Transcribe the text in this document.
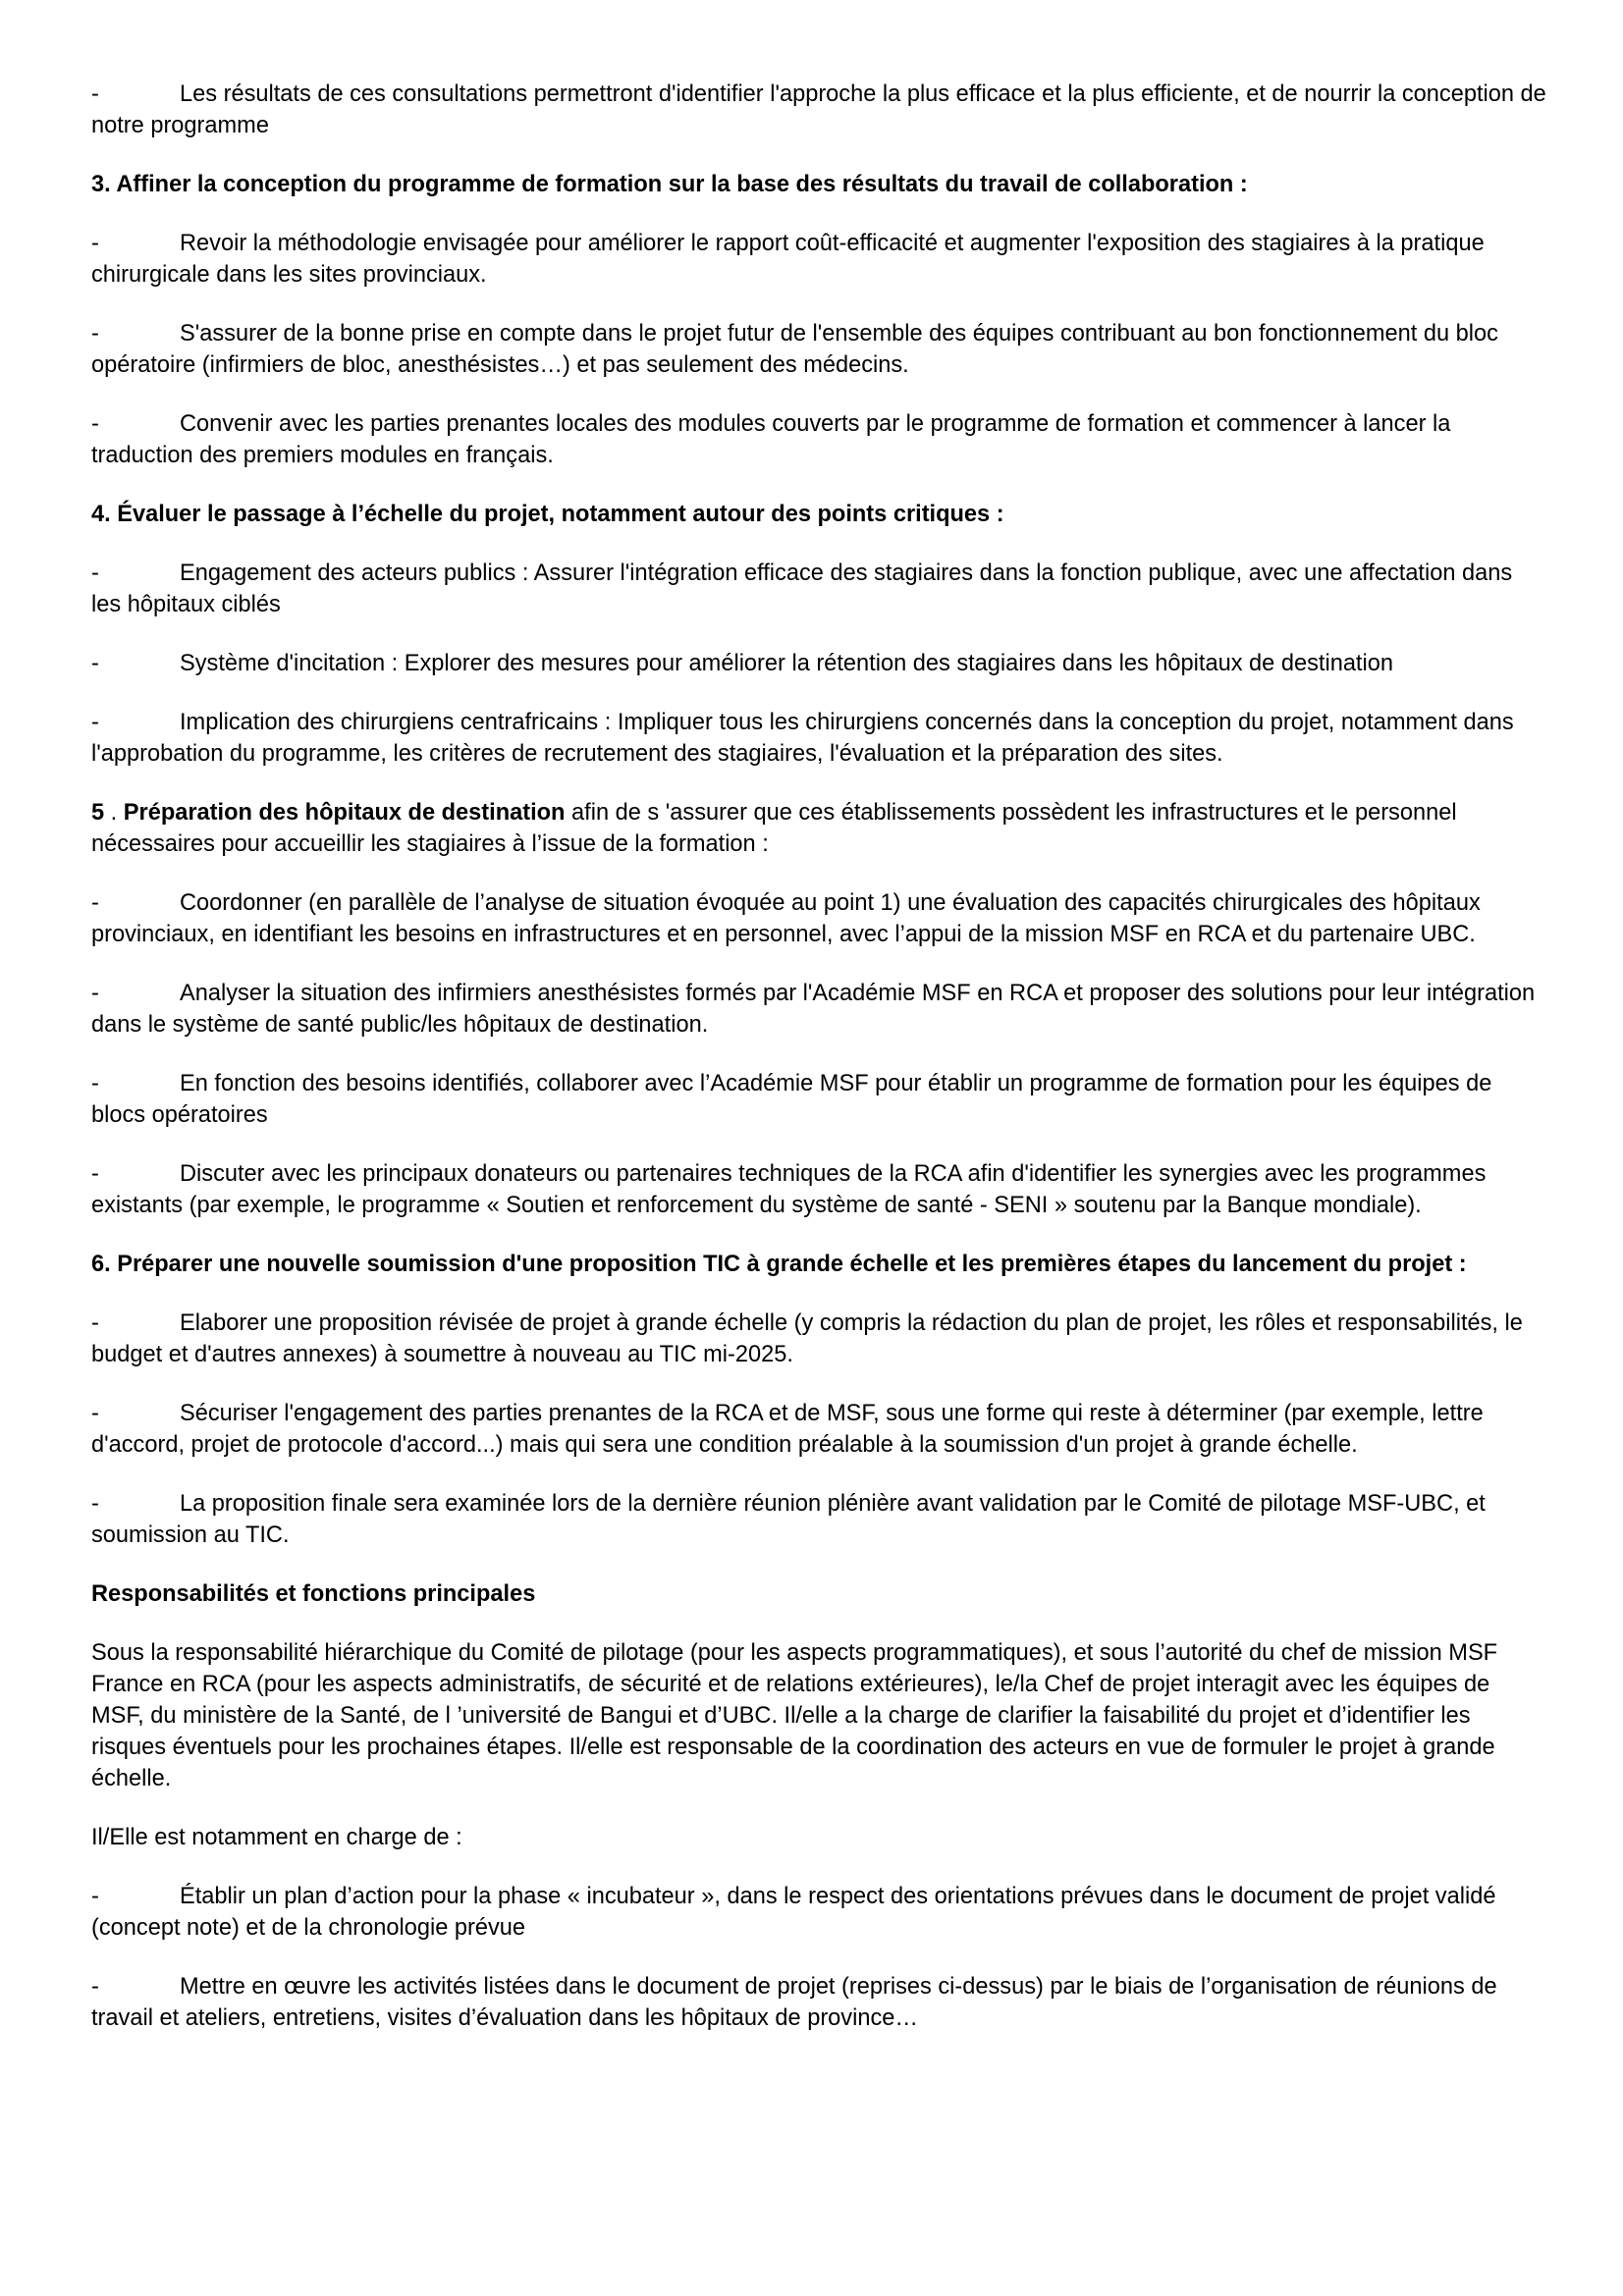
-	Les résultats de ces consultations permettront d'identifier l'approche la plus efficace et la plus efficiente, et de nourrir la conception de notre programme

3. Affiner la conception du programme de formation sur la base des résultats du travail de collaboration :

-	Revoir la méthodologie envisagée pour améliorer le rapport coût-efficacité et augmenter l'exposition des stagiaires à la pratique chirurgicale dans les sites provinciaux.

-	S'assurer de la bonne prise en compte dans le projet futur de l'ensemble des équipes contribuant au bon fonctionnement du bloc opératoire (infirmiers de bloc, anesthésistes…) et pas seulement des médecins.

-	Convenir avec les parties prenantes locales des modules couverts par le programme de formation et commencer à lancer la traduction des premiers modules en français.

4. Évaluer le passage à l’échelle du projet, notamment autour des points critiques :

-	Engagement des acteurs publics : Assurer l'intégration efficace des stagiaires dans la fonction publique, avec une affectation dans les hôpitaux ciblés

-	Système d'incitation : Explorer des mesures pour améliorer la rétention des stagiaires dans les hôpitaux de destination

-	Implication des chirurgiens centrafricains : Impliquer tous les chirurgiens concernés dans la conception du projet, notamment dans l'approbation du programme, les critères de recrutement des stagiaires, l'évaluation et la préparation des sites.

5 . Préparation des hôpitaux de destination afin de s 'assurer que ces établissements possèdent les infrastructures et le personnel nécessaires pour accueillir les stagiaires à l’issue de la formation :

-	Coordonner (en parallèle de l’analyse de situation évoquée au point 1) une évaluation des capacités chirurgicales des hôpitaux provinciaux, en identifiant les besoins en infrastructures et en personnel, avec l’appui de la mission MSF en RCA et du partenaire UBC.

-	Analyser la situation des infirmiers anesthésistes formés par l'Académie MSF en RCA et proposer des solutions pour leur intégration dans le système de santé public/les hôpitaux de destination.

-	En fonction des besoins identifiés, collaborer avec l’Académie MSF pour établir un programme de formation pour les équipes de blocs opératoires

-	Discuter avec les principaux donateurs ou partenaires techniques de la RCA afin d'identifier les synergies avec les programmes existants (par exemple, le programme « Soutien et renforcement du système de santé - SENI » soutenu par la Banque mondiale).

6. Préparer une nouvelle soumission d'une proposition TIC à grande échelle et les premières étapes du lancement du projet :

-	Elaborer une proposition révisée de projet à grande échelle (y compris la rédaction du plan de projet, les rôles et responsabilités, le budget et d'autres annexes) à soumettre à nouveau au TIC mi-2025.

-	Sécuriser l'engagement des parties prenantes de la RCA et de MSF, sous une forme qui reste à déterminer (par exemple, lettre d'accord, projet de protocole d'accord...) mais qui sera une condition préalable à la soumission d'un projet à grande échelle.

-	La proposition finale sera examinée lors de la dernière réunion plénière avant validation par le Comité de pilotage MSF-UBC, et soumission au TIC.

Responsabilités et fonctions principales

Sous la responsabilité hiérarchique du Comité de pilotage (pour les aspects programmatiques), et sous l’autorité du chef de mission MSF France en RCA (pour les aspects administratifs, de sécurité et de relations extérieures), le/la Chef de projet interagit avec les équipes de MSF, du ministère de la Santé, de l ’université de Bangui et d’UBC. Il/elle a la charge de clarifier la faisabilité du projet et d’identifier les risques éventuels pour les prochaines étapes. Il/elle est responsable de la coordination des acteurs en vue de formuler le projet à grande échelle.

Il/Elle est notamment en charge de :

-	Établir un plan d’action pour la phase « incubateur », dans le respect des orientations prévues dans le document de projet validé (concept note) et de la chronologie prévue

-	Mettre en œuvre les activités listées dans le document de projet (reprises ci-dessus) par le biais de l’organisation de réunions de travail et ateliers, entretiens, visites d’évaluation dans les hôpitaux de province…
